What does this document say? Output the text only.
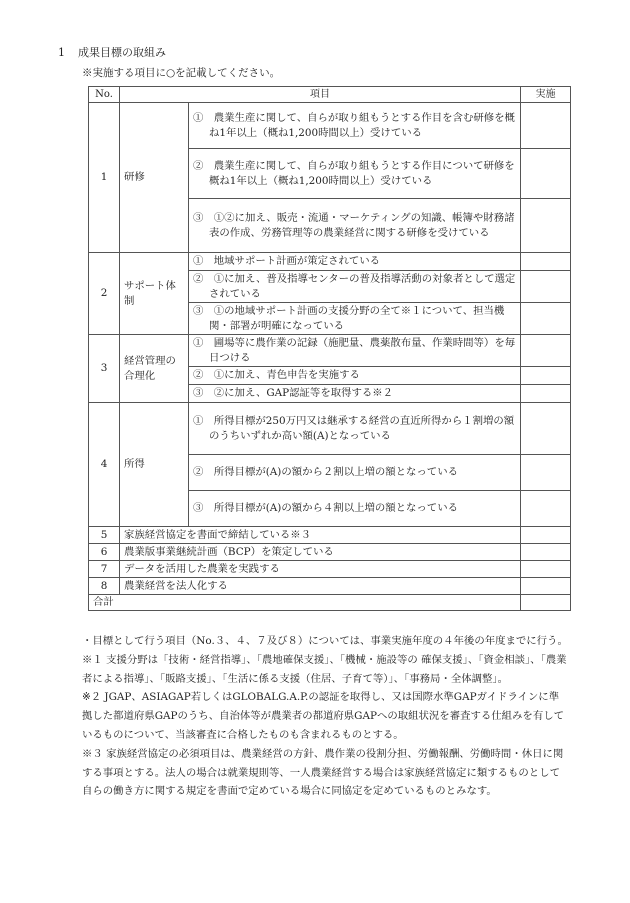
1 成果目標の取組み
※実施する項目に○を記載してください。
No.	項目		実施
1	研修	①　農業生産に関して、自らが取り組もうとする作目を含む研修を概ね1年以上（概ね1,200時間以上）受けている	

		②　農業生産に関して、自らが取り組もうとする作目について研修を概ね1年以上（概ね1,200時間以上）受けている	

		③　①②に加え、販売・流通・マーケティングの知識、帳簿や財務諸表の作成、労務管理等の農業経営に関する研修を受けている	

2	サポート体制	①　地域サポート計画が策定されている	

		②　①に加え、普及指導センターの普及指導活動の対象者として選定されている	

		③　①の地域サポート計画の支援分野の全て※１について、担当機関・部署が明確になっている	

3	経営管理の合理化	①　圃場等に農作業の記録（施肥量、農薬散布量、作業時間等）を毎日つける	

		②　①に加え、青色申告を実施する	

		③　②に加え、GAP認証等を取得する※２	

4	所得	①　所得目標が250万円又は継承する経営の直近所得から１割増の額のうちいずれか高い額(A)となっている	

		②　所得目標が(A)の額から２割以上増の額となっている	

		③　所得目標が(A)の額から４割以上増の額となっている	

5	家族経営協定を書面で締結している※３		
6	農業版事業継続計画（BCP）を策定している		
7	データを活用した農業を実践する		
8	農業経営を法人化する		
合計			

・目標として行う項目（No.３、４、７及び８）については、事業実施年度の４年後の年度までに行う。

※１ 支援分野は「技術・経営指導」、「農地確保支援」、「機械・施設等の 確保支援」、「資金相談」、「農業者による指導」、「販路支援」、「生活に係る支援（住居、子育て等）」、「事務局・全体調整」。

※２ JGAP、ASIAGAP若しくはGLOBALG.A.P.の認証を取得し、又は国際水準GAPガイドラインに準拠した都道府県GAPのうち、自治体等が農業者の都道府県GAPへの取組状況を審査する仕組みを有しているものについて、当該審査に合格したものも含まれるものとする。

※３ 家族経営協定の必須項目は、農業経営の方針、農作業の役割分担、労働報酬、労働時間・休日に関する事項とする。法人の場合は就業規則等、一人農業経営する場合は家族経営協定に類するものとして自らの働き方に関する規定を書面で定めている場合に同協定を定めているものとみなす。
